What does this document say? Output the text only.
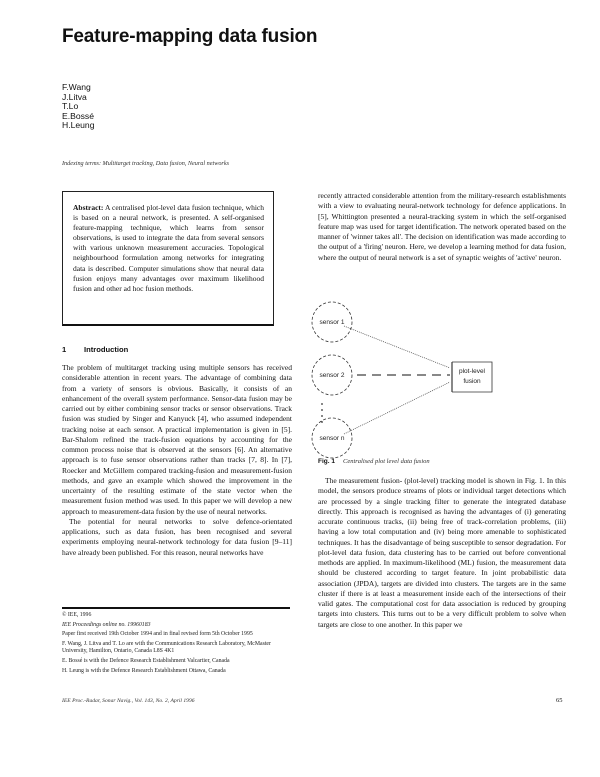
Feature-mapping data fusion
F.Wang
J.Litva
T.Lo
E.Bossé
H.Leung
Indexing terms: Multitarget tracking, Data fusion, Neural networks
Abstract: A centralised plot-level data fusion technique, which is based on a neural network, is presented. A self-organised feature-mapping technique, which learns from sensor observations, is used to integrate the data from several sensors with various unknown measurement accuracies. Topological neighbourhood formulation among networks for integrating data is described. Computer simulations show that neural data fusion enjoys many advantages over maximum likelihood fusion and other ad hoc fusion methods.
1 Introduction

The problem of multitarget tracking using multiple sensors has received considerable attention in recent years. The advantage of combining data from a variety of sensors is obvious. Basically, it consists of an enhancement of the overall system performance. Sensor-data fusion may be carried out by either combining sensor tracks or sensor observations. Track fusion was studied by Singer and Kanyuck [4], who assumed independent tracking noise at each sensor. A practical implementation is given in [5]. Bar-Shalom refined the track-fusion equations by accounting for the common process noise that is observed at the sensors [6]. An alternative approach is to fuse sensor observations rather than tracks [7, 8]. In [7], Roecker and McGillem compared tracking-fusion and measurement-fusion methods, and gave an example which showed the improvement in the uncertainty of the resulting estimate of the state vector when the measurement fusion method was used. In this paper we will develop a new approach to measurement-data fusion by the use of neural networks.

The potential for neural networks to solve defence-orientated applications, such as data fusion, has been recognised and several experiments employing neural-network technology for data fusion [9–11] have already been published. For this reason, neural networks have

© IEE, 1996
IEE Proceedings online no. 19960183
Paper first received 19th October 1994 and in final revised form 5th October 1995
F. Wang, J. Litva and T. Lo are with the Communications Research Laboratory, McMaster University, Hamilton, Ontario, Canada L8S 4K1
E. Bossé is with the Defence Research Establishment Valcartier, Canada
H. Leung is with the Defence Research Establishment Ottawa, Canada
IEE Proc.-Radar, Sonar Navig., Vol. 143, No. 2, April 1996	65

recently attracted considerable attention from the military-research establishments with a view to evaluating neural-network technology for defence applications. In [5], Whittington presented a neural-tracking system in which the self-organised feature map was used for target identification. The network operated based on the manner of 'winner takes all'. The decision on identification was made according to the output of a 'firing' neuron. Here, we develop a learning method for data fusion, where the output of neural network is a set of synaptic weights of 'active' neuron.

sensor 1
sensor 2
sensor n
plot-level
fusion
Fig. 1 Centralised plot level data fusion

The measurement fusion- (plot-level) tracking model is shown in Fig. 1. In this model, the sensors produce streams of plots or individual target detections which are processed by a single tracking filter to generate the integrated database directly. This approach is recognised as having the advantages of (i) generating accurate continuous tracks, (ii) being free of track-correlation problems, (iii) having a low total computation and (iv) being more amenable to sophisticated techniques. It has the disadvantage of being susceptible to sensor degradation. For plot-level data fusion, data clustering has to be carried out before conventional methods are applied. In maximum-likelihood (ML) fusion, the measurement data should be clustered according to target feature. In joint probabilistic data association (JPDA), targets are divided into clusters. The targets are in the same cluster if there is at least a measurement inside each of the intersections of their valid gates. The computational cost for data association is reduced by grouping targets into clusters. This turns out to be a very difficult problem to solve when targets are close to one another. In this paper we
